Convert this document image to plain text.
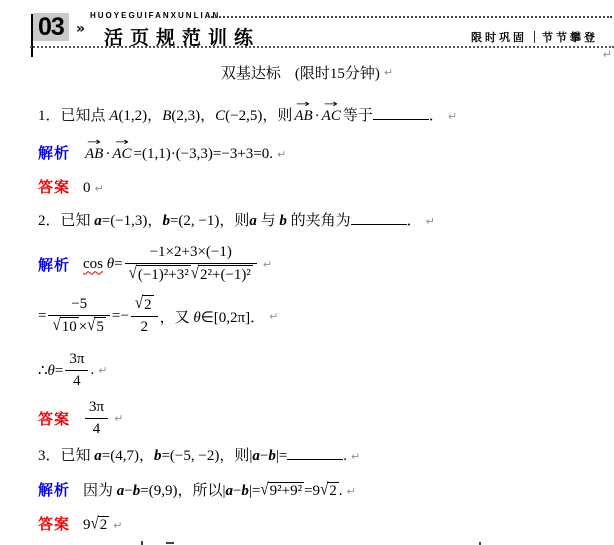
03 »
HUOYEGUIFANXUNLIAN
活页规范训练	限时巩固 节节攀登
↵
双基达标 (限时15分钟) ↵
1．已知点 A(1,2)，B(2,3)，C(−2,5)，则
→
AB ·
→
AC 等于	． ↵
解析
→
AB ·
→
AC =(1,1)·(−3,3)=−3+3=0. ↵
答案 0 ↵
2．已知 a=(−1,3)，b=(2, −1)，则a 与 b 的夹角为	． ↵
解析 $\cos \theta= \frac{-1\times 2+3\times(-1)}{\text{√(−1)²+3² √2²+(−1)²}}$ ↵
= $\frac{-5}{√10 \times√5} =- \frac{√2}{2}$ ，又 θ∈[0,2π]． ↵
∴θ= $\frac{3\pi}{4}$ . ↵
答案 $\frac{3\pi}{4}$ ↵
3．已知 a=(4,7)，b=(−5, −2)，则|a−b|=	. ↵
解析 因为 a−b=(9,9)，所以|a−b|=√9²+9² =9√2 . ↵
答案 9√2 ↵
